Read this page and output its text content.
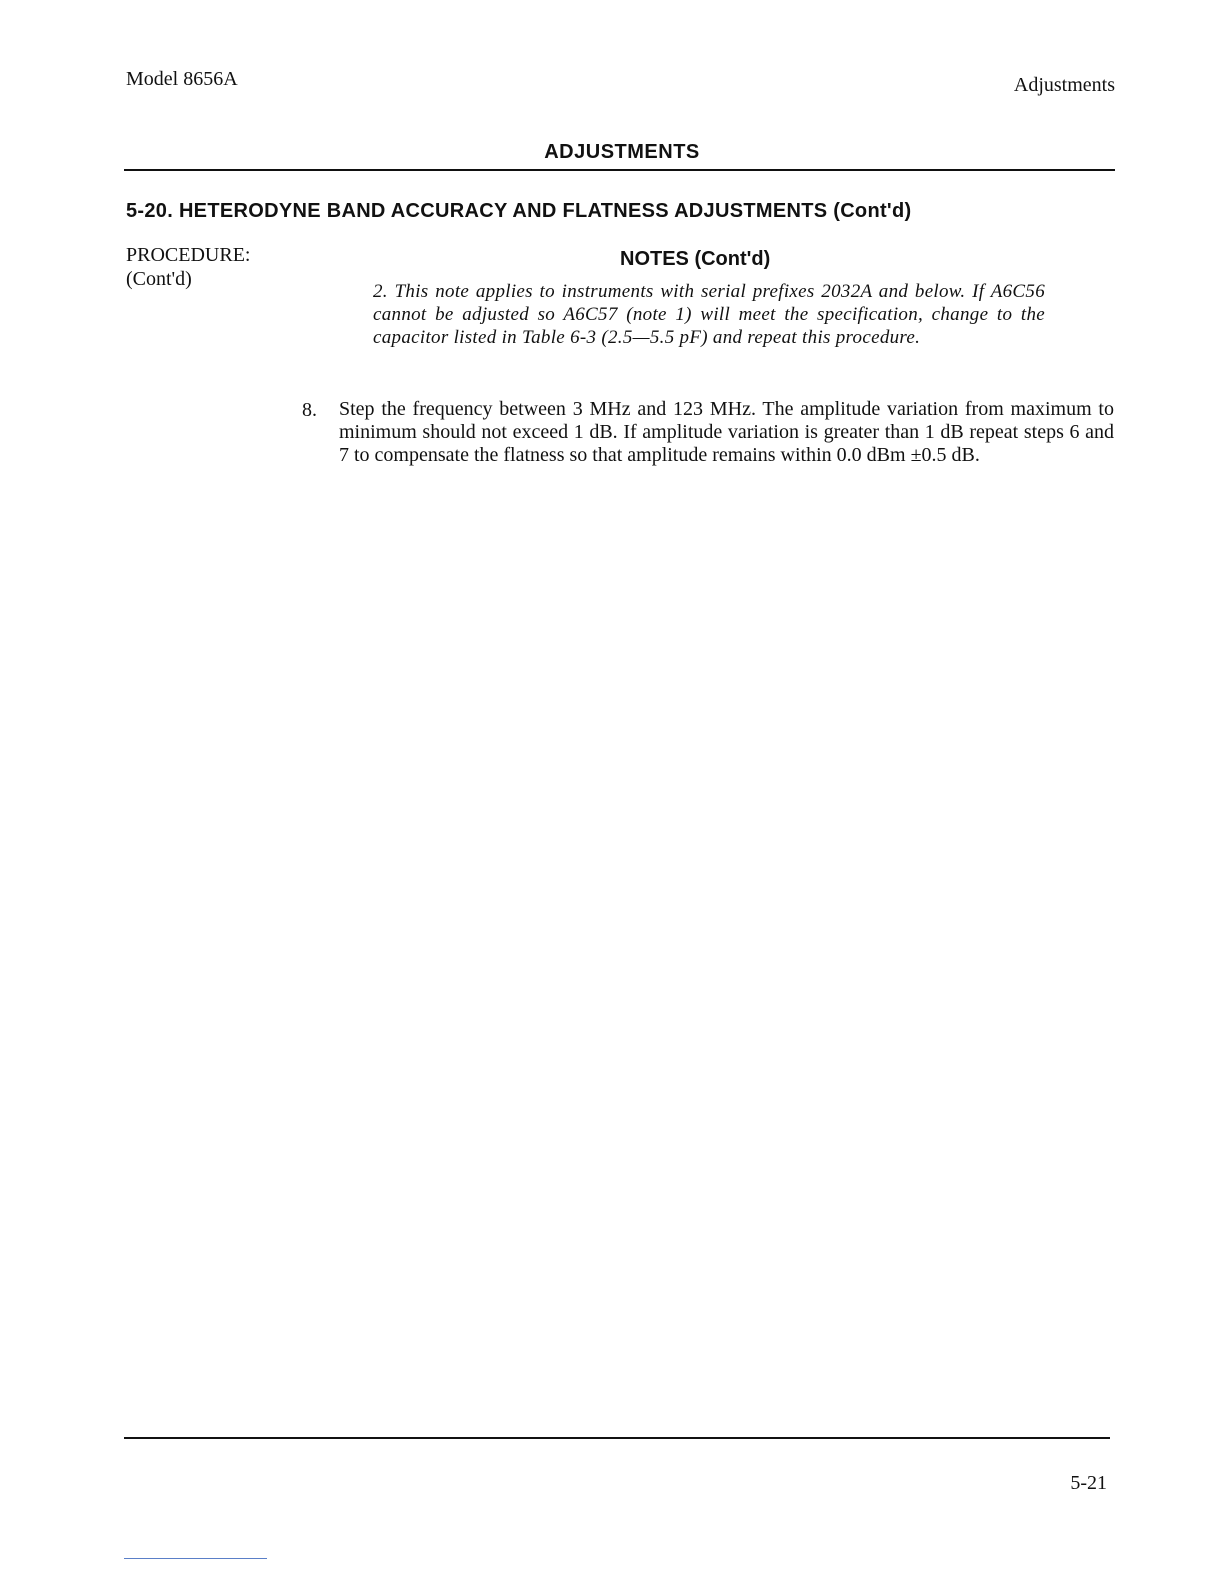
Model 8656A	Adjustments
ADJUSTMENTS
5-20. HETERODYNE BAND ACCURACY AND FLATNESS ADJUSTMENTS (Cont'd)
PROCEDURE:
(Cont'd)
NOTES (Cont'd)
2. This note applies to instruments with serial prefixes 2032A and below. If A6C56 cannot be adjusted so A6C57 (note 1) will meet the specification, change to the capacitor listed in Table 6-3 (2.5—5.5 pF) and repeat this procedure.
8. Step the frequency between 3 MHz and 123 MHz. The amplitude variation from maximum to minimum should not exceed 1 dB. If amplitude variation is greater than 1 dB repeat steps 6 and 7 to compensate the flatness so that amplitude remains within 0.0 dBm ±0.5 dB.
5-21
